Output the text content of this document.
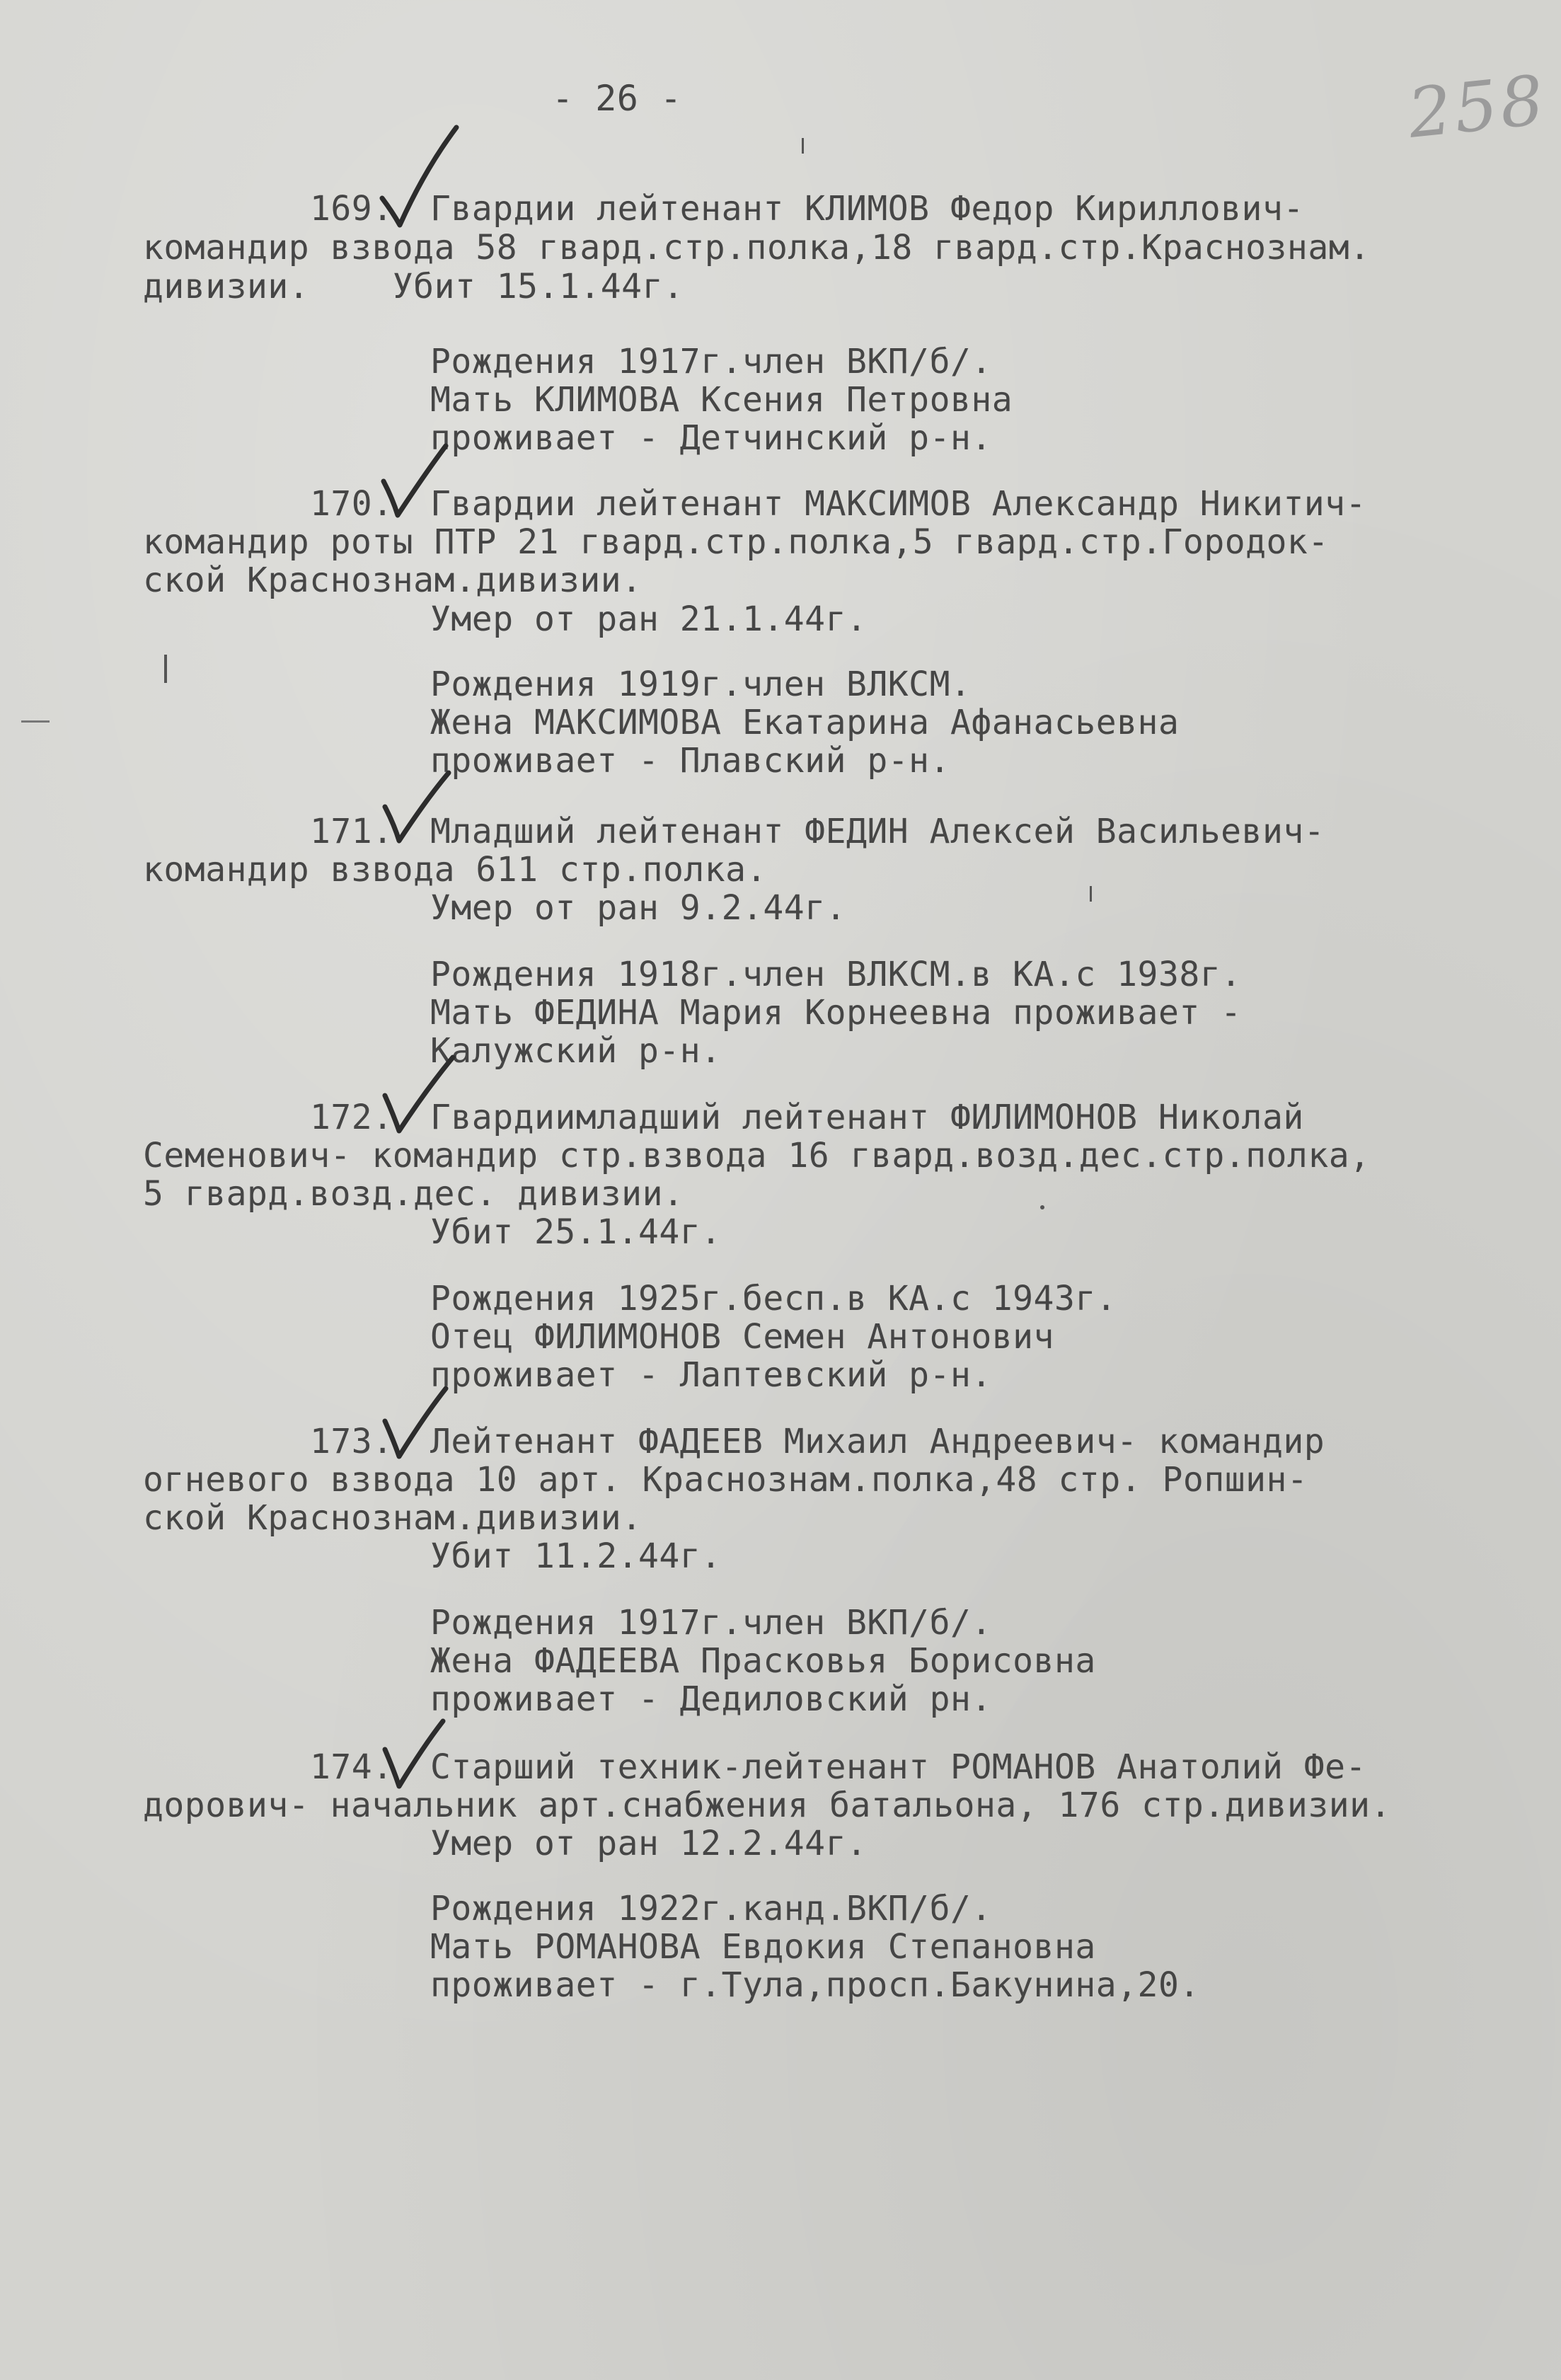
- 26 -	258
169. Гвардии лейтенант КЛИМОВ Федор Кириллович-
командир взвода 58 гвард.стр.полка,18 гвард.стр.Краснознам.
дивизии.    Убит 15.1.44г.
Рождения 1917г.член ВКП/б/.
Мать КЛИМОВА Ксения Петровна
проживает - Детчинский р-н.
170. Гвардии лейтенант МАКСИМОВ Александр Никитич-
командир роты ПТР 21 гвард.стр.полка,5 гвард.стр.Городок-
ской Краснознам.дивизии.
Умер от ран 21.1.44г.
Рождения 1919г.член ВЛКСМ.
Жена МАКСИМОВА Екатарина Афанасьевна
проживает - Плавский р-н.
171. Младший лейтенант ФЕДИН Алексей Васильевич-
командир взвода 611 стр.полка.
Умер от ран 9.2.44г.
Рождения 1918г.член ВЛКСМ.в КА.с 1938г.
Мать ФЕДИНА Мария Корнеевна проживает -
Калужский р-н.
172. Гвардиимладший лейтенант ФИЛИМОНОВ Николай
Семенович- командир стр.взвода 16 гвард.возд.дес.стр.полка,
5 гвард.возд.дес. дивизии.
Убит 25.1.44г.
Рождения 1925г.бесп.в КА.с 1943г.
Отец ФИЛИМОНОВ Семен Антонович
проживает - Лаптевский р-н.
173. Лейтенант ФАДЕЕВ Михаил Андреевич- командир
огневого взвода 10 арт. Краснознам.полка,48 стр. Ропшин-
ской Краснознам.дивизии.
Убит 11.2.44г.
Рождения 1917г.член ВКП/б/.
Жена ФАДЕЕВА Прасковья Борисовна
проживает - Дедиловский рн.
174. Старший техник-лейтенант РОМАНОВ Анатолий Фе-
дорович- начальник арт.снабжения батальона, 176 стр.дивизии.
Умер от ран 12.2.44г.
Рождения 1922г.канд.ВКП/б/.
Мать РОМАНОВА Евдокия Степановна
проживает - г.Тула,просп.Бакунина,20.
